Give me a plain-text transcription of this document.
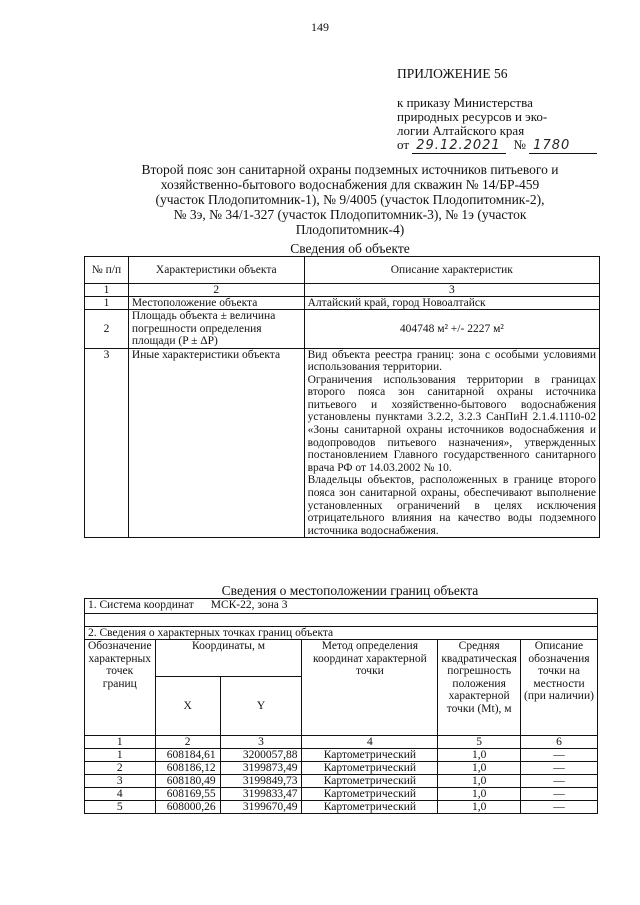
149
ПРИЛОЖЕНИЕ 56
к приказу Министерства
природных ресурсов и эко-
логии Алтайского края
от 29.12.2021 № 1780
Второй пояс зон санитарной охраны подземных источников питьевого и
хозяйственно-бытового водоснабжения для скважин № 14/БР-459
(участок Плодопитомник-1), № 9/4005 (участок Плодопитомник-2),
№ 3э, № 34/1-327 (участок Плодопитомник-3), № 1э (участок
Плодопитомник-4)
Сведения об объекте
№ п/п	Характеристики объекта	Описание характеристик
1	2	3
1	Местоположение объекта	Алтайский край, город Новоалтайск
2	Площадь объекта ± величина погрешности определения площади (P ± ΔP)	404748 м² +/- 2227 м²
3	Иные характеристики объекта	Вид объекта реестра границ: зона с особыми условиями использования территории.
Ограничения использования территории в границах второго пояса зон санитарной охраны источника питьевого и хозяйственно-бытового водоснабжения установлены пунктами 3.2.2, 3.2.3 СанПиН 2.1.4.1110-02 «Зоны санитарной охраны источников водоснабжения и водопроводов питьевого назначения», утвержденных постановлением Главного государственного санитарного врача РФ от 14.03.2002 № 10.
Владельцы объектов, расположенных в границе второго пояса зон санитарной охраны, обеспечивают выполнение установленных ограничений в целях исключения отрицательного влияния на качество воды подземного источника водоснабжения.
Сведения о местоположении границ объекта
1. Система координат МСК-22, зона 3					

2. Сведения о характерных точках границ объекта					
Обозначение характерных точек границ	Координаты, м		Метод определения координат характерной точки	Средняя квадратическая погрешность положения характерной точки (Mt), м	Описание обозначения точки на местности (при наличии)
	X	Y			
1	2	3	4	5	6
1	608184,61	3200057,88	Картометрический	1,0	—
2	608186,12	3199873,49	Картометрический	1,0	—
3	608180,49	3199849,73	Картометрический	1,0	—
4	608169,55	3199833,47	Картометрический	1,0	—
5	608000,26	3199670,49	Картометрический	1,0	—
